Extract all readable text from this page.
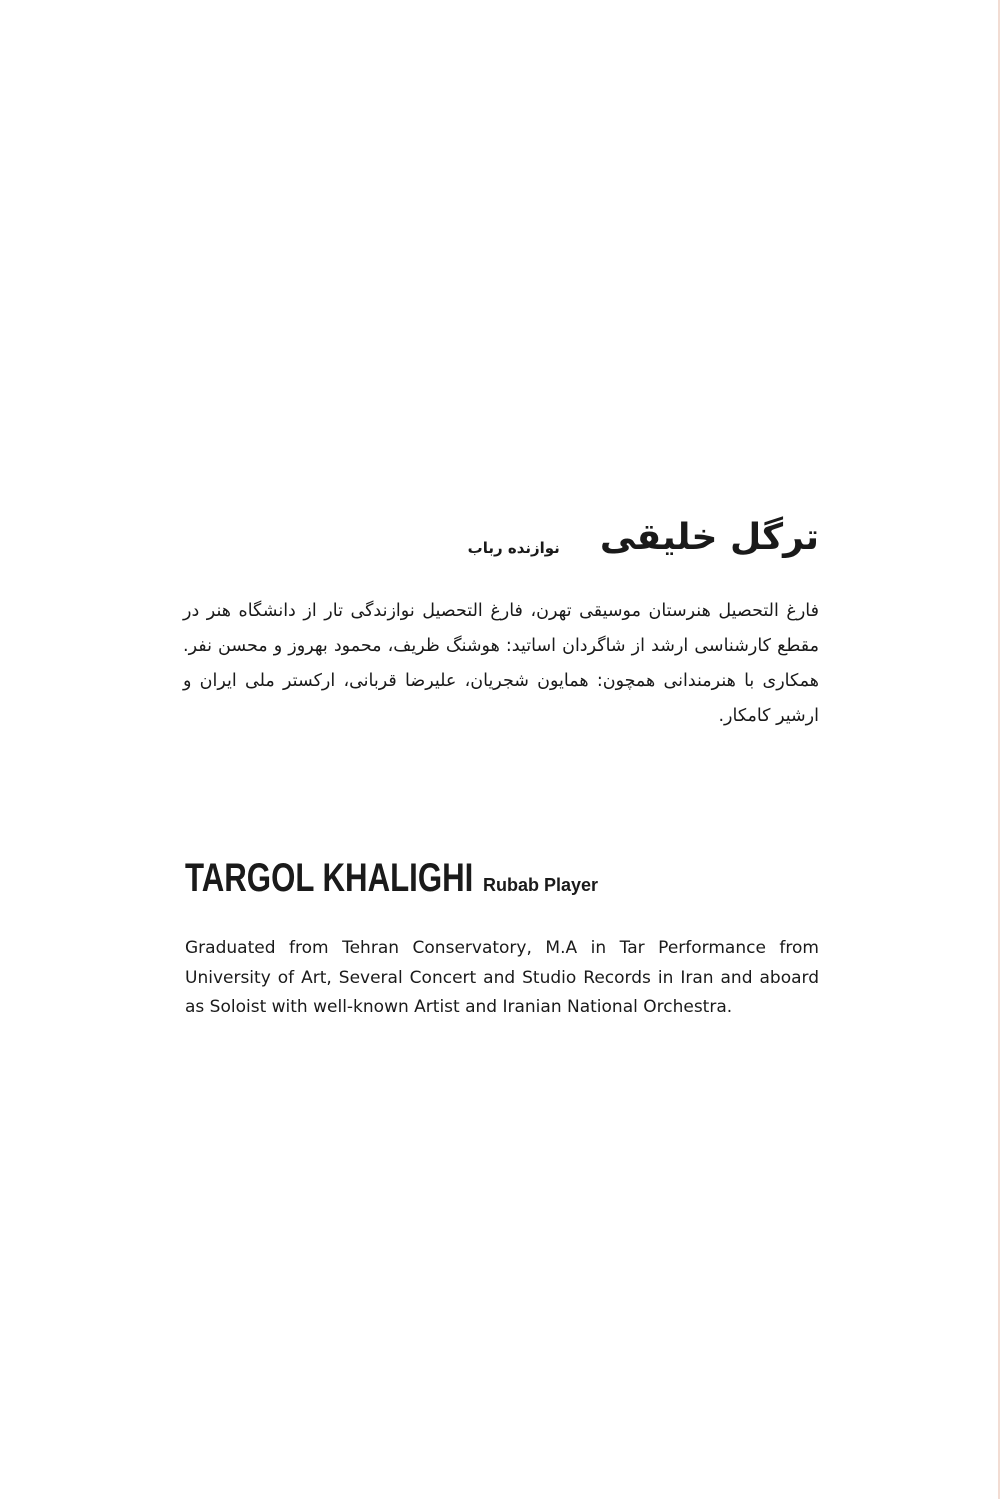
ترگل خلیقی
نوازنده رباب
فارغ التحصیل هنرستان موسیقی تهرن، فارغ التحصیل نوازندگی تار از دانشگاه هنر در مقطع کارشناسی ارشد از شاگردان اساتید: هوشنگ ظریف، محمود بهروز و محسن نفر. همکاری با هنرمندانی همچون: همایون شجریان، علیرضا قربانی، ارکستر ملی ایران و ارشیر کامکار.
TARGOL KHALIGHI Rubab Player
Graduated from Tehran Conservatory, M.A in Tar Performance from University of Art, Several Concert and Studio Records in Iran and aboard as Soloist with well-known Artist and Iranian National Orchestra.
